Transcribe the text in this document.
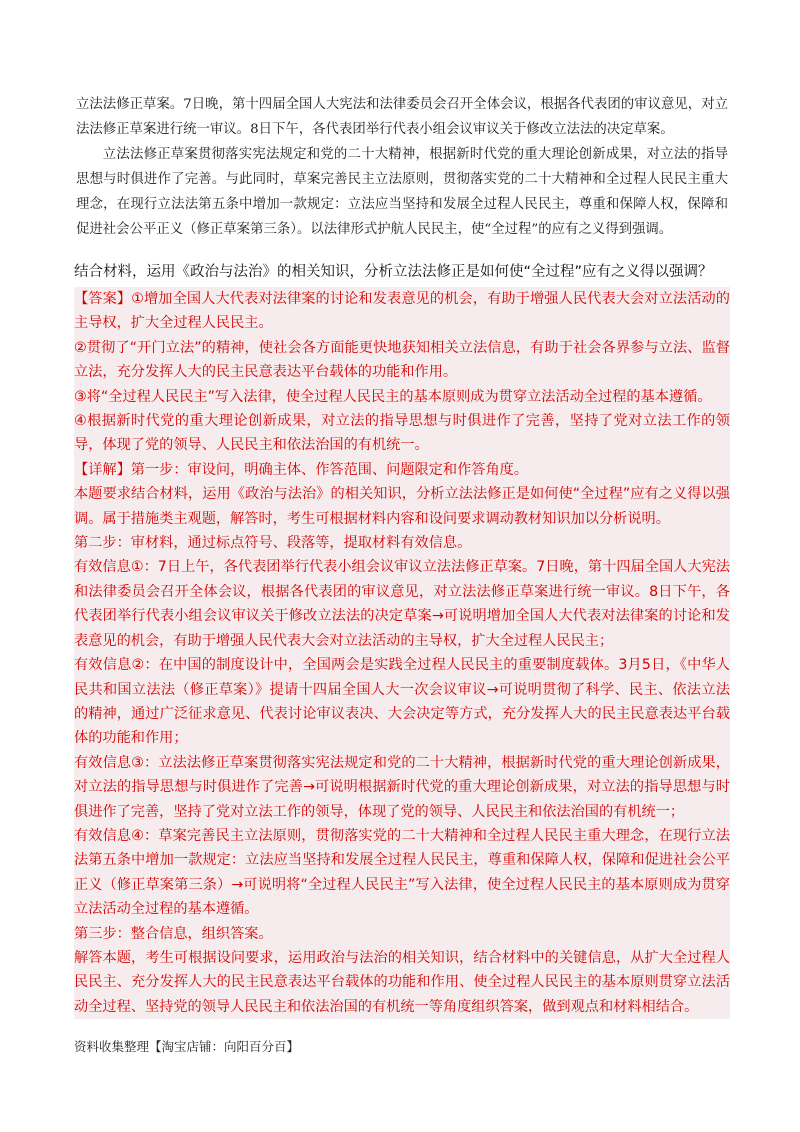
立法法修正草案。7日晚，第十四届全国人大宪法和法律委员会召开全体会议，根据各代表团的审议意见，对立法法修正草案进行统一审议。8日下午，各代表团举行代表小组会议审议关于修改立法法的决定草案。

立法法修正草案贯彻落实宪法规定和党的二十大精神，根据新时代党的重大理论创新成果，对立法的指导思想与时俱进作了完善。与此同时，草案完善民主立法原则，贯彻落实党的二十大精神和全过程人民民主重大理念，在现行立法法第五条中增加一款规定：立法应当坚持和发展全过程人民民主，尊重和保障人权，保障和促进社会公平正义（修正草案第三条）。以法律形式护航人民民主，使“全过程”的应有之义得到强调。

结合材料，运用《政治与法治》的相关知识，分析立法法修正是如何使“全过程”应有之义得以强调？

【答案】①增加全国人大代表对法律案的讨论和发表意见的机会，有助于增强人民代表大会对立法活动的主导权，扩大全过程人民民主。

②贯彻了“开门立法”的精神，使社会各方面能更快地获知相关立法信息，有助于社会各界参与立法、监督立法，充分发挥人大的民主民意表达平台载体的功能和作用。

③将“全过程人民民主”写入法律，使全过程人民民主的基本原则成为贯穿立法活动全过程的基本遵循。

④根据新时代党的重大理论创新成果，对立法的指导思想与时俱进作了完善，坚持了党对立法工作的领导，体现了党的领导、人民民主和依法治国的有机统一。

【详解】第一步：审设问，明确主体、作答范围、问题限定和作答角度。

本题要求结合材料，运用《政治与法治》的相关知识，分析立法法修正是如何使“全过程”应有之义得以强调。属于措施类主观题，解答时，考生可根据材料内容和设问要求调动教材知识加以分析说明。

第二步：审材料，通过标点符号、段落等，提取材料有效信息。

有效信息①：7日上午，各代表团举行代表小组会议审议立法法修正草案。7日晚，第十四届全国人大宪法和法律委员会召开全体会议，根据各代表团的审议意见，对立法法修正草案进行统一审议。8日下午，各代表团举行代表小组会议审议关于修改立法法的决定草案→可说明增加全国人大代表对法律案的讨论和发表意见的机会，有助于增强人民代表大会对立法活动的主导权，扩大全过程人民民主；

有效信息②：在中国的制度设计中，全国两会是实践全过程人民民主的重要制度载体。3月5日，《中华人民共和国立法法（修正草案）》提请十四届全国人大一次会议审议→可说明贯彻了科学、民主、依法立法的精神，通过广泛征求意见、代表讨论审议表决、大会决定等方式，充分发挥人大的民主民意表达平台载体的功能和作用；

有效信息③：立法法修正草案贯彻落实宪法规定和党的二十大精神，根据新时代党的重大理论创新成果，对立法的指导思想与时俱进作了完善→可说明根据新时代党的重大理论创新成果，对立法的指导思想与时俱进作了完善，坚持了党对立法工作的领导，体现了党的领导、人民民主和依法治国的有机统一；

有效信息④：草案完善民主立法原则，贯彻落实党的二十大精神和全过程人民民主重大理念，在现行立法法第五条中增加一款规定：立法应当坚持和发展全过程人民民主，尊重和保障人权，保障和促进社会公平正义（修正草案第三条）→可说明将“全过程人民民主”写入法律，使全过程人民民主的基本原则成为贯穿立法活动全过程的基本遵循。

第三步：整合信息，组织答案。

解答本题，考生可根据设问要求，运用政治与法治的相关知识，结合材料中的关键信息，从扩大全过程人民民主、充分发挥人大的民主民意表达平台载体的功能和作用、使全过程人民民主的基本原则贯穿立法活动全过程、坚持党的领导人民民主和依法治国的有机统一等角度组织答案，做到观点和材料相结合。

资料收集整理【淘宝店铺：向阳百分百】
